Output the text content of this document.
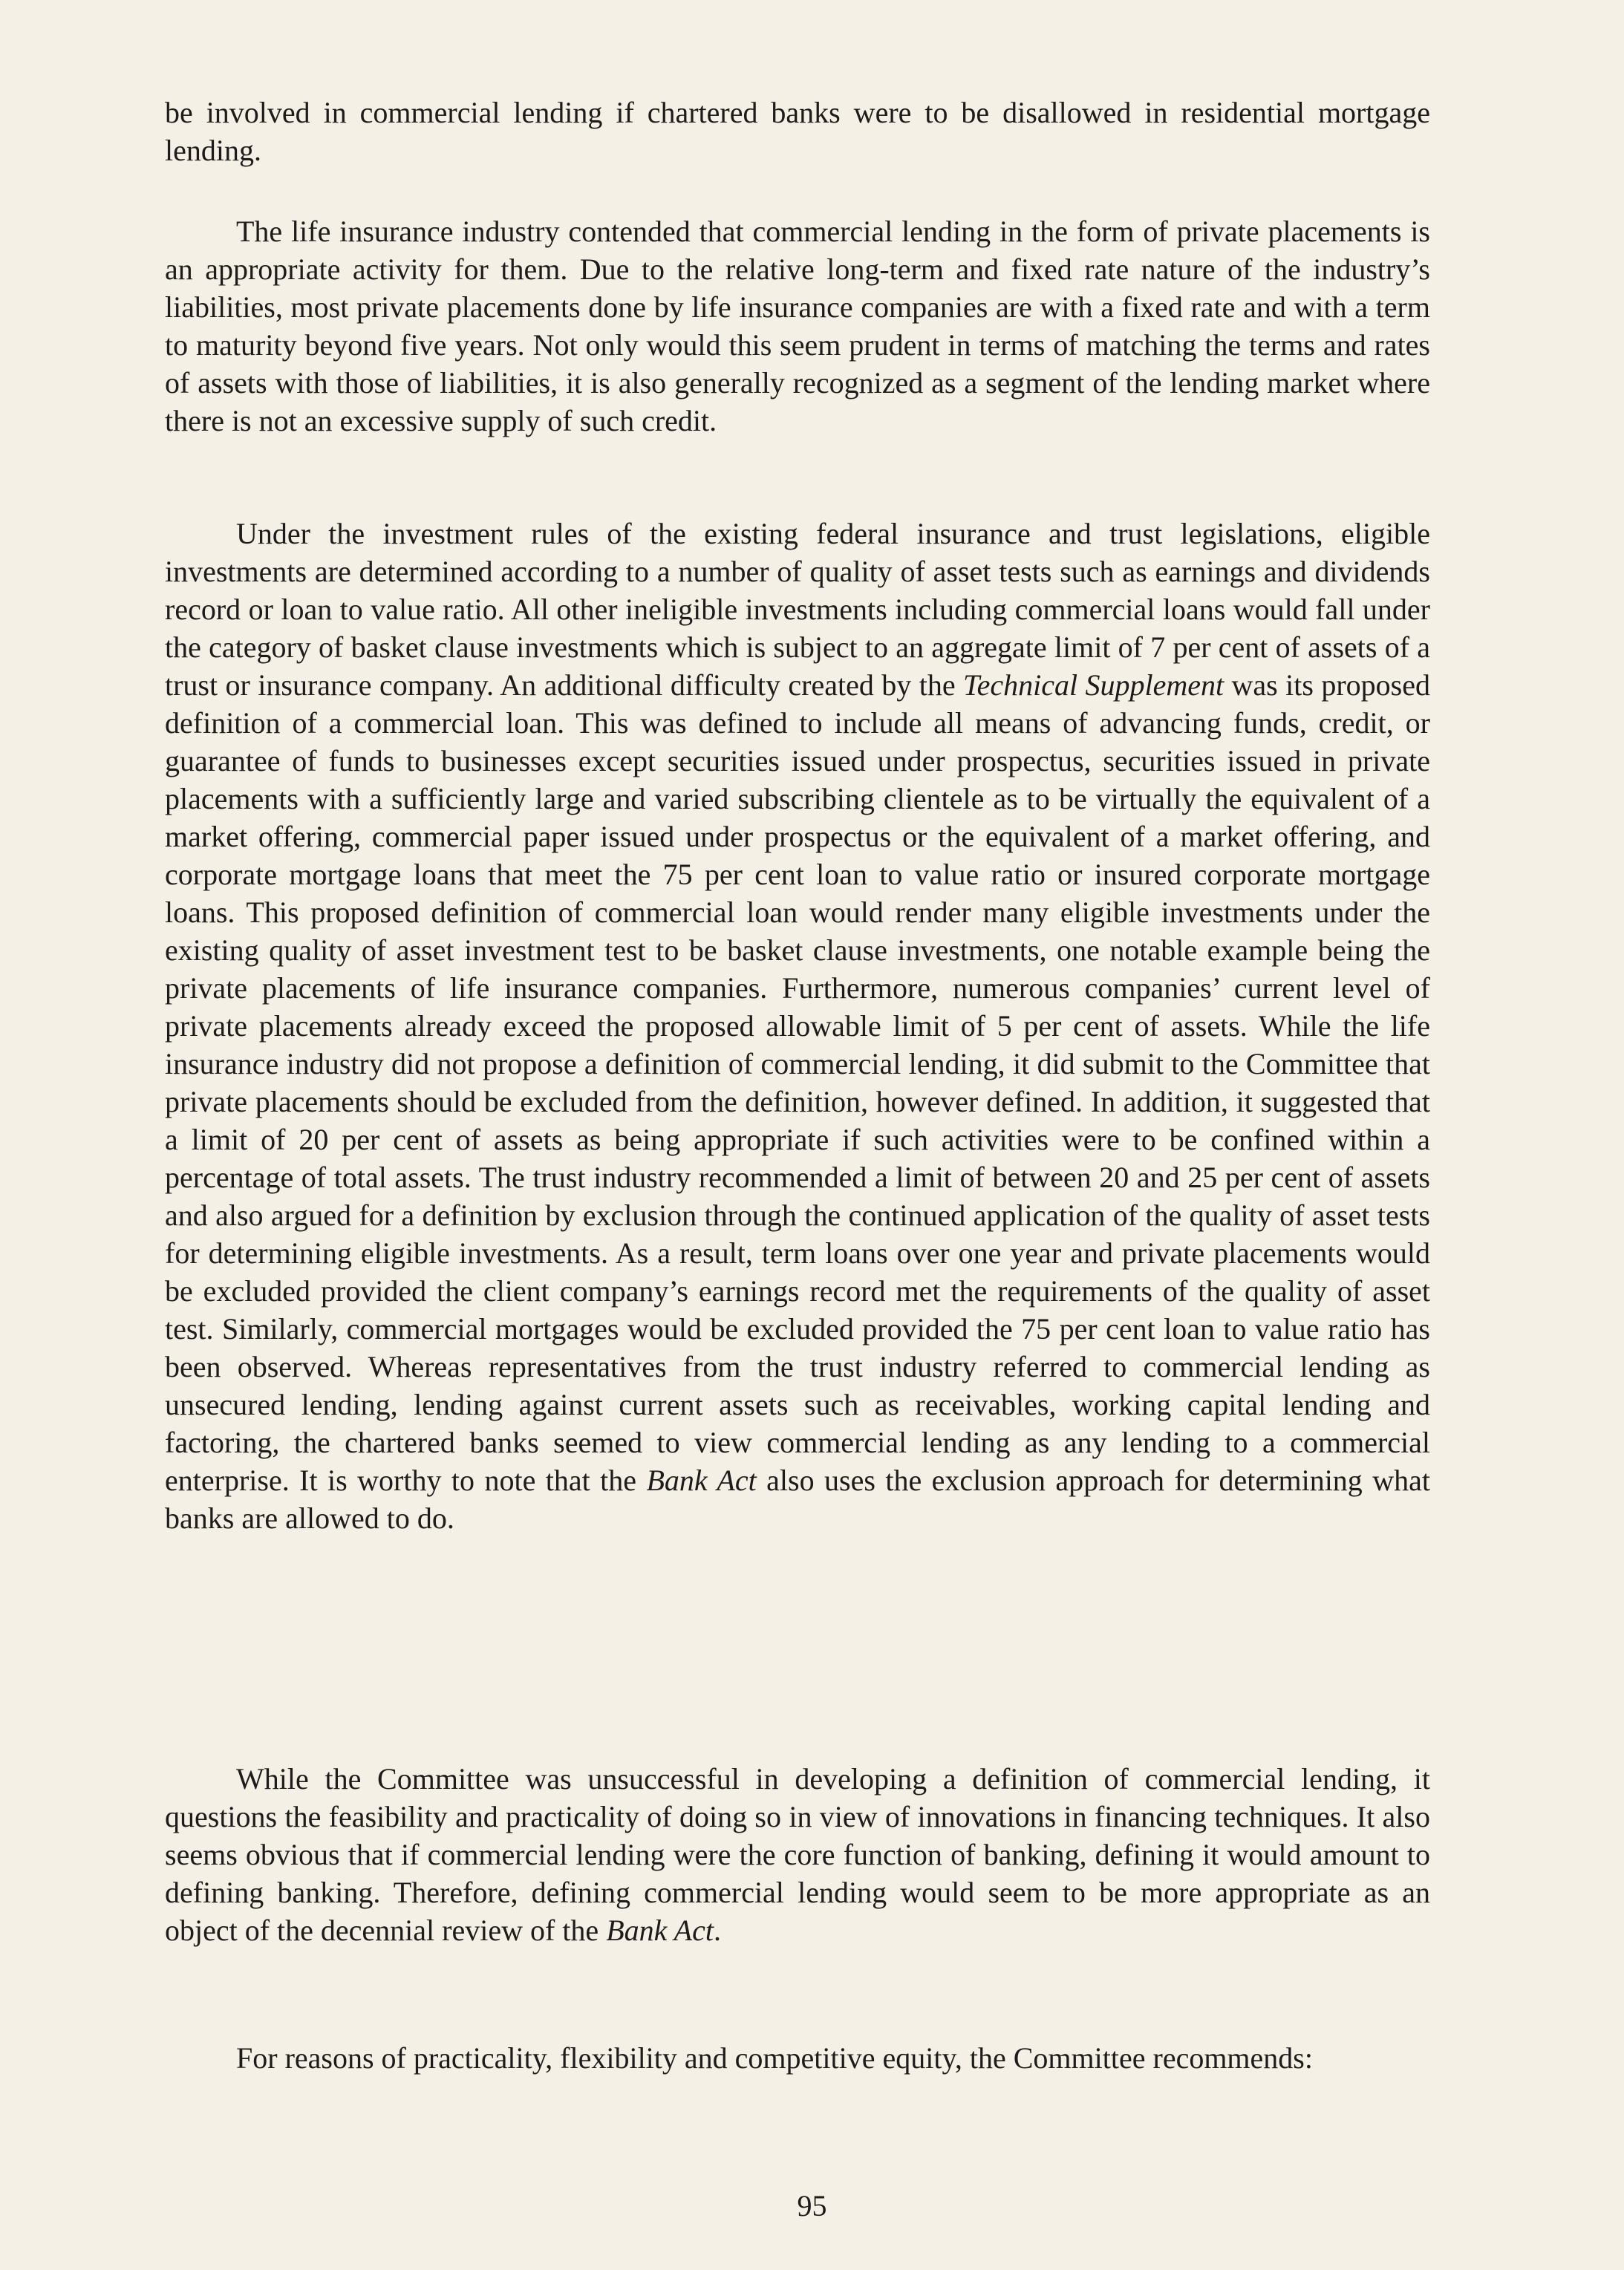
be involved in commercial lending if chartered banks were to be disallowed in residential mortgage lending.

The life insurance industry contended that commercial lending in the form of private placements is an appropriate activity for them. Due to the relative long-term and fixed rate nature of the industry’s liabilities, most private placements done by life insurance companies are with a fixed rate and with a term to maturity beyond five years. Not only would this seem prudent in terms of matching the terms and rates of assets with those of liabilities, it is also generally recognized as a segment of the lending market where there is not an excessive supply of such credit.

Under the investment rules of the existing federal insurance and trust legislations, eligible investments are determined according to a number of quality of asset tests such as earnings and dividends record or loan to value ratio. All other ineligible investments including commercial loans would fall under the category of basket clause investments which is subject to an aggregate limit of 7 per cent of assets of a trust or insurance company. An additional difficulty created by the Technical Supplement was its proposed definition of a commercial loan. This was defined to include all means of advancing funds, credit, or guarantee of funds to businesses except securities issued under prospectus, securities issued in private placements with a sufficiently large and varied subscribing clientele as to be virtually the equivalent of a market offering, commercial paper issued under prospectus or the equivalent of a market offering, and corporate mortgage loans that meet the 75 per cent loan to value ratio or insured corporate mortgage loans. This proposed definition of commercial loan would render many eligible investments under the existing quality of asset investment test to be basket clause investments, one notable example being the private placements of life insurance companies. Furthermore, numerous companies’ current level of private placements already exceed the proposed allowable limit of 5 per cent of assets. While the life insurance industry did not propose a definition of commercial lending, it did submit to the Committee that private placements should be excluded from the definition, however defined. In addition, it suggested that a limit of 20 per cent of assets as being appropriate if such activities were to be confined within a percentage of total assets. The trust industry recommended a limit of between 20 and 25 per cent of assets and also argued for a definition by exclusion through the continued application of the quality of asset tests for determining eligible investments. As a result, term loans over one year and private placements would be excluded provided the client company’s earnings record met the requirements of the quality of asset test. Similarly, commercial mortgages would be excluded provided the 75 per cent loan to value ratio has been observed. Whereas representatives from the trust industry referred to commercial lending as unsecured lending, lending against current assets such as receivables, working capital lending and factoring, the chartered banks seemed to view commercial lending as any lending to a commercial enterprise. It is worthy to note that the Bank Act also uses the exclusion approach for determining what banks are allowed to do.

While the Committee was unsuccessful in developing a definition of commercial lending, it questions the feasibility and practicality of doing so in view of innovations in financing techniques. It also seems obvious that if commercial lending were the core function of banking, defining it would amount to defining banking. Therefore, defining commercial lending would seem to be more appropriate as an object of the decennial review of the Bank Act.

For reasons of practicality, flexibility and competitive equity, the Committee recommends:

95
